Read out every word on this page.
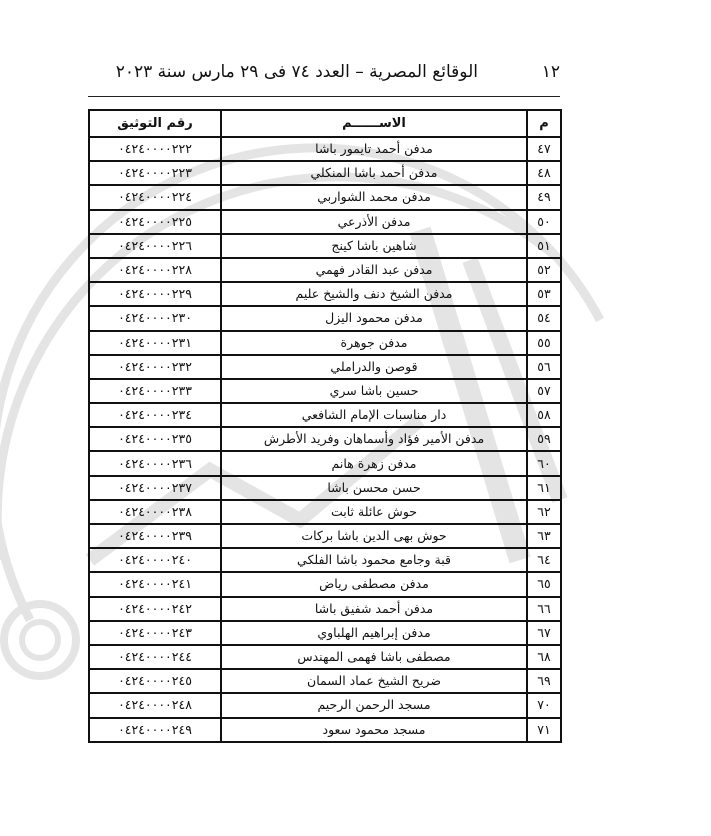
١٢
الوقائع المصرية – العدد ٧٤ فى ٢٩ مارس سنة ٢٠٢٣
م	الاســــــم	رقم التوثيق
٤٧	مدفن أحمد تايمور باشا	٠٤٢٤٠٠٠٠٢٢٢
٤٨	مدفن أحمد باشا المنكلي	٠٤٢٤٠٠٠٠٢٢٣
٤٩	مدفن محمد الشواربي	٠٤٢٤٠٠٠٠٢٢٤
٥٠	مدفن الأذرعي	٠٤٢٤٠٠٠٠٢٢٥
٥١	شاهين باشا كينج	٠٤٢٤٠٠٠٠٢٢٦
٥٢	مدفن عبد القادر فهمي	٠٤٢٤٠٠٠٠٢٢٨
٥٣	مدفن الشيخ دنف والشيخ عليم	٠٤٢٤٠٠٠٠٢٢٩
٥٤	مدفن محمود اليزل	٠٤٢٤٠٠٠٠٢٣٠
٥٥	مدفن جوهرة	٠٤٢٤٠٠٠٠٢٣١
٥٦	قوصن والدراملي	٠٤٢٤٠٠٠٠٢٣٢
٥٧	حسين باشا سري	٠٤٢٤٠٠٠٠٢٣٣
٥٨	دار مناسبات الإمام الشافعي	٠٤٢٤٠٠٠٠٢٣٤
٥٩	مدفن الأمير فؤاد وأسماهان وفريد الأطرش	٠٤٢٤٠٠٠٠٢٣٥
٦٠	مدفن زهرة هانم	٠٤٢٤٠٠٠٠٢٣٦
٦١	حسن محسن باشا	٠٤٢٤٠٠٠٠٢٣٧
٦٢	حوش عائلة ثابت	٠٤٢٤٠٠٠٠٢٣٨
٦٣	حوش بهى الدين باشا بركات	٠٤٢٤٠٠٠٠٢٣٩
٦٤	قبة وجامع محمود باشا الفلكي	٠٤٢٤٠٠٠٠٢٤٠
٦٥	مدفن مصطفى رياض	٠٤٢٤٠٠٠٠٢٤١
٦٦	مدفن أحمد شفيق باشا	٠٤٢٤٠٠٠٠٢٤٢
٦٧	مدفن إبراهيم الهلباوي	٠٤٢٤٠٠٠٠٢٤٣
٦٨	مصطفى باشا فهمى المهندس	٠٤٢٤٠٠٠٠٢٤٤
٦٩	ضريح الشيخ عماد السمان	٠٤٢٤٠٠٠٠٢٤٥
٧٠	مسجد الرحمن الرحيم	٠٤٢٤٠٠٠٠٢٤٨
٧١	مسجد محمود سعود	٠٤٢٤٠٠٠٠٢٤٩
